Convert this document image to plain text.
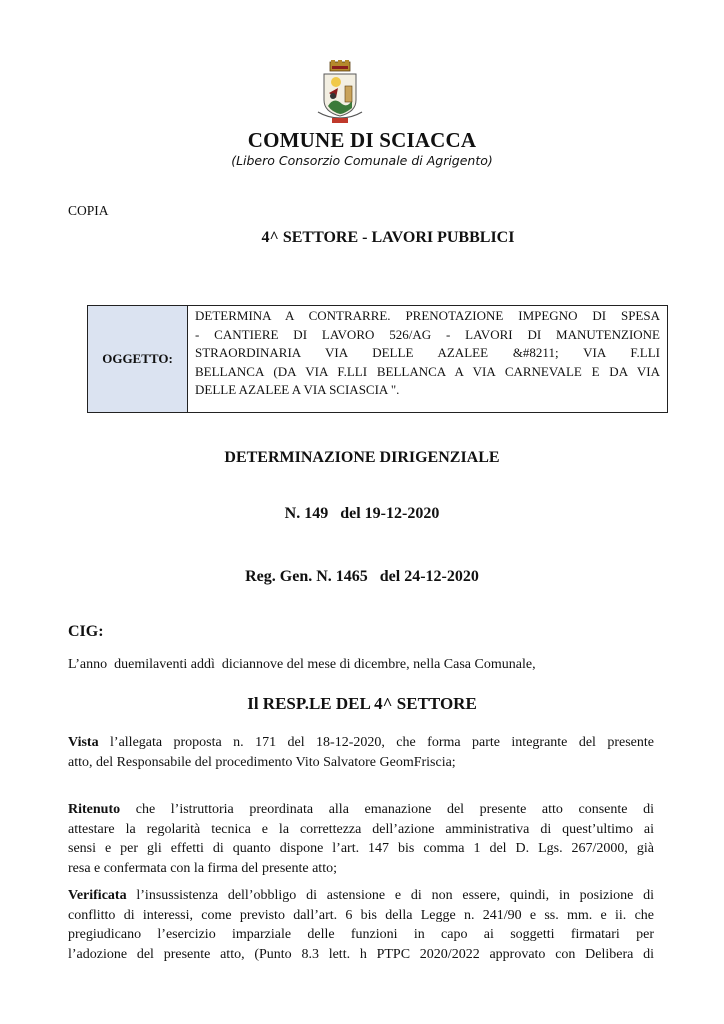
COMUNE DI SCIACCA
(Libero Consorzio Comunale di Agrigento)
COPIA
4^ SETTORE - LAVORI PUBBLICI
OGGETTO:
DETERMINA A CONTRARRE. PRENOTAZIONE IMPEGNO DI SPESA
- CANTIERE DI LAVORO 526/AG - LAVORI DI MANUTENZIONE
STRAORDINARIA VIA DELLE AZALEE &#8211; VIA F.LLI
BELLANCA (DA VIA F.LLI BELLANCA A VIA CARNEVALE E DA VIA
DELLE AZALEE A VIA SCIASCIA ".
DETERMINAZIONE DIRIGENZIALE
N. 149   del 19-12-2020
Reg. Gen. N. 1465   del 24-12-2020
CIG:
L’anno  duemilaventi addì  diciannove del mese di dicembre, nella Casa Comunale,
Il RESP.LE DEL 4^ SETTORE
Vista l’allegata proposta n. 171 del 18-12-2020, che forma parte integrante del presente
atto, del Responsabile del procedimento Vito Salvatore GeomFriscia;
Ritenuto che l’istruttoria preordinata alla emanazione del presente atto consente di
attestare la regolarità tecnica e la correttezza dell’azione amministrativa di quest’ultimo ai
sensi e per gli effetti di quanto dispone l’art. 147 bis comma 1 del D. Lgs. 267/2000, già
resa e confermata con la firma del presente atto;
Verificata l’insussistenza dell’obbligo di astensione e di non essere, quindi, in posizione di
conflitto di interessi, come previsto dall’art. 6 bis della Legge n. 241/90 e ss. mm. e ii. che
pregiudicano l’esercizio imparziale delle funzioni in capo ai soggetti firmatari per
l’adozione del presente atto, (Punto 8.3 lett. h PTPC 2020/2022 approvato con Delibera di
